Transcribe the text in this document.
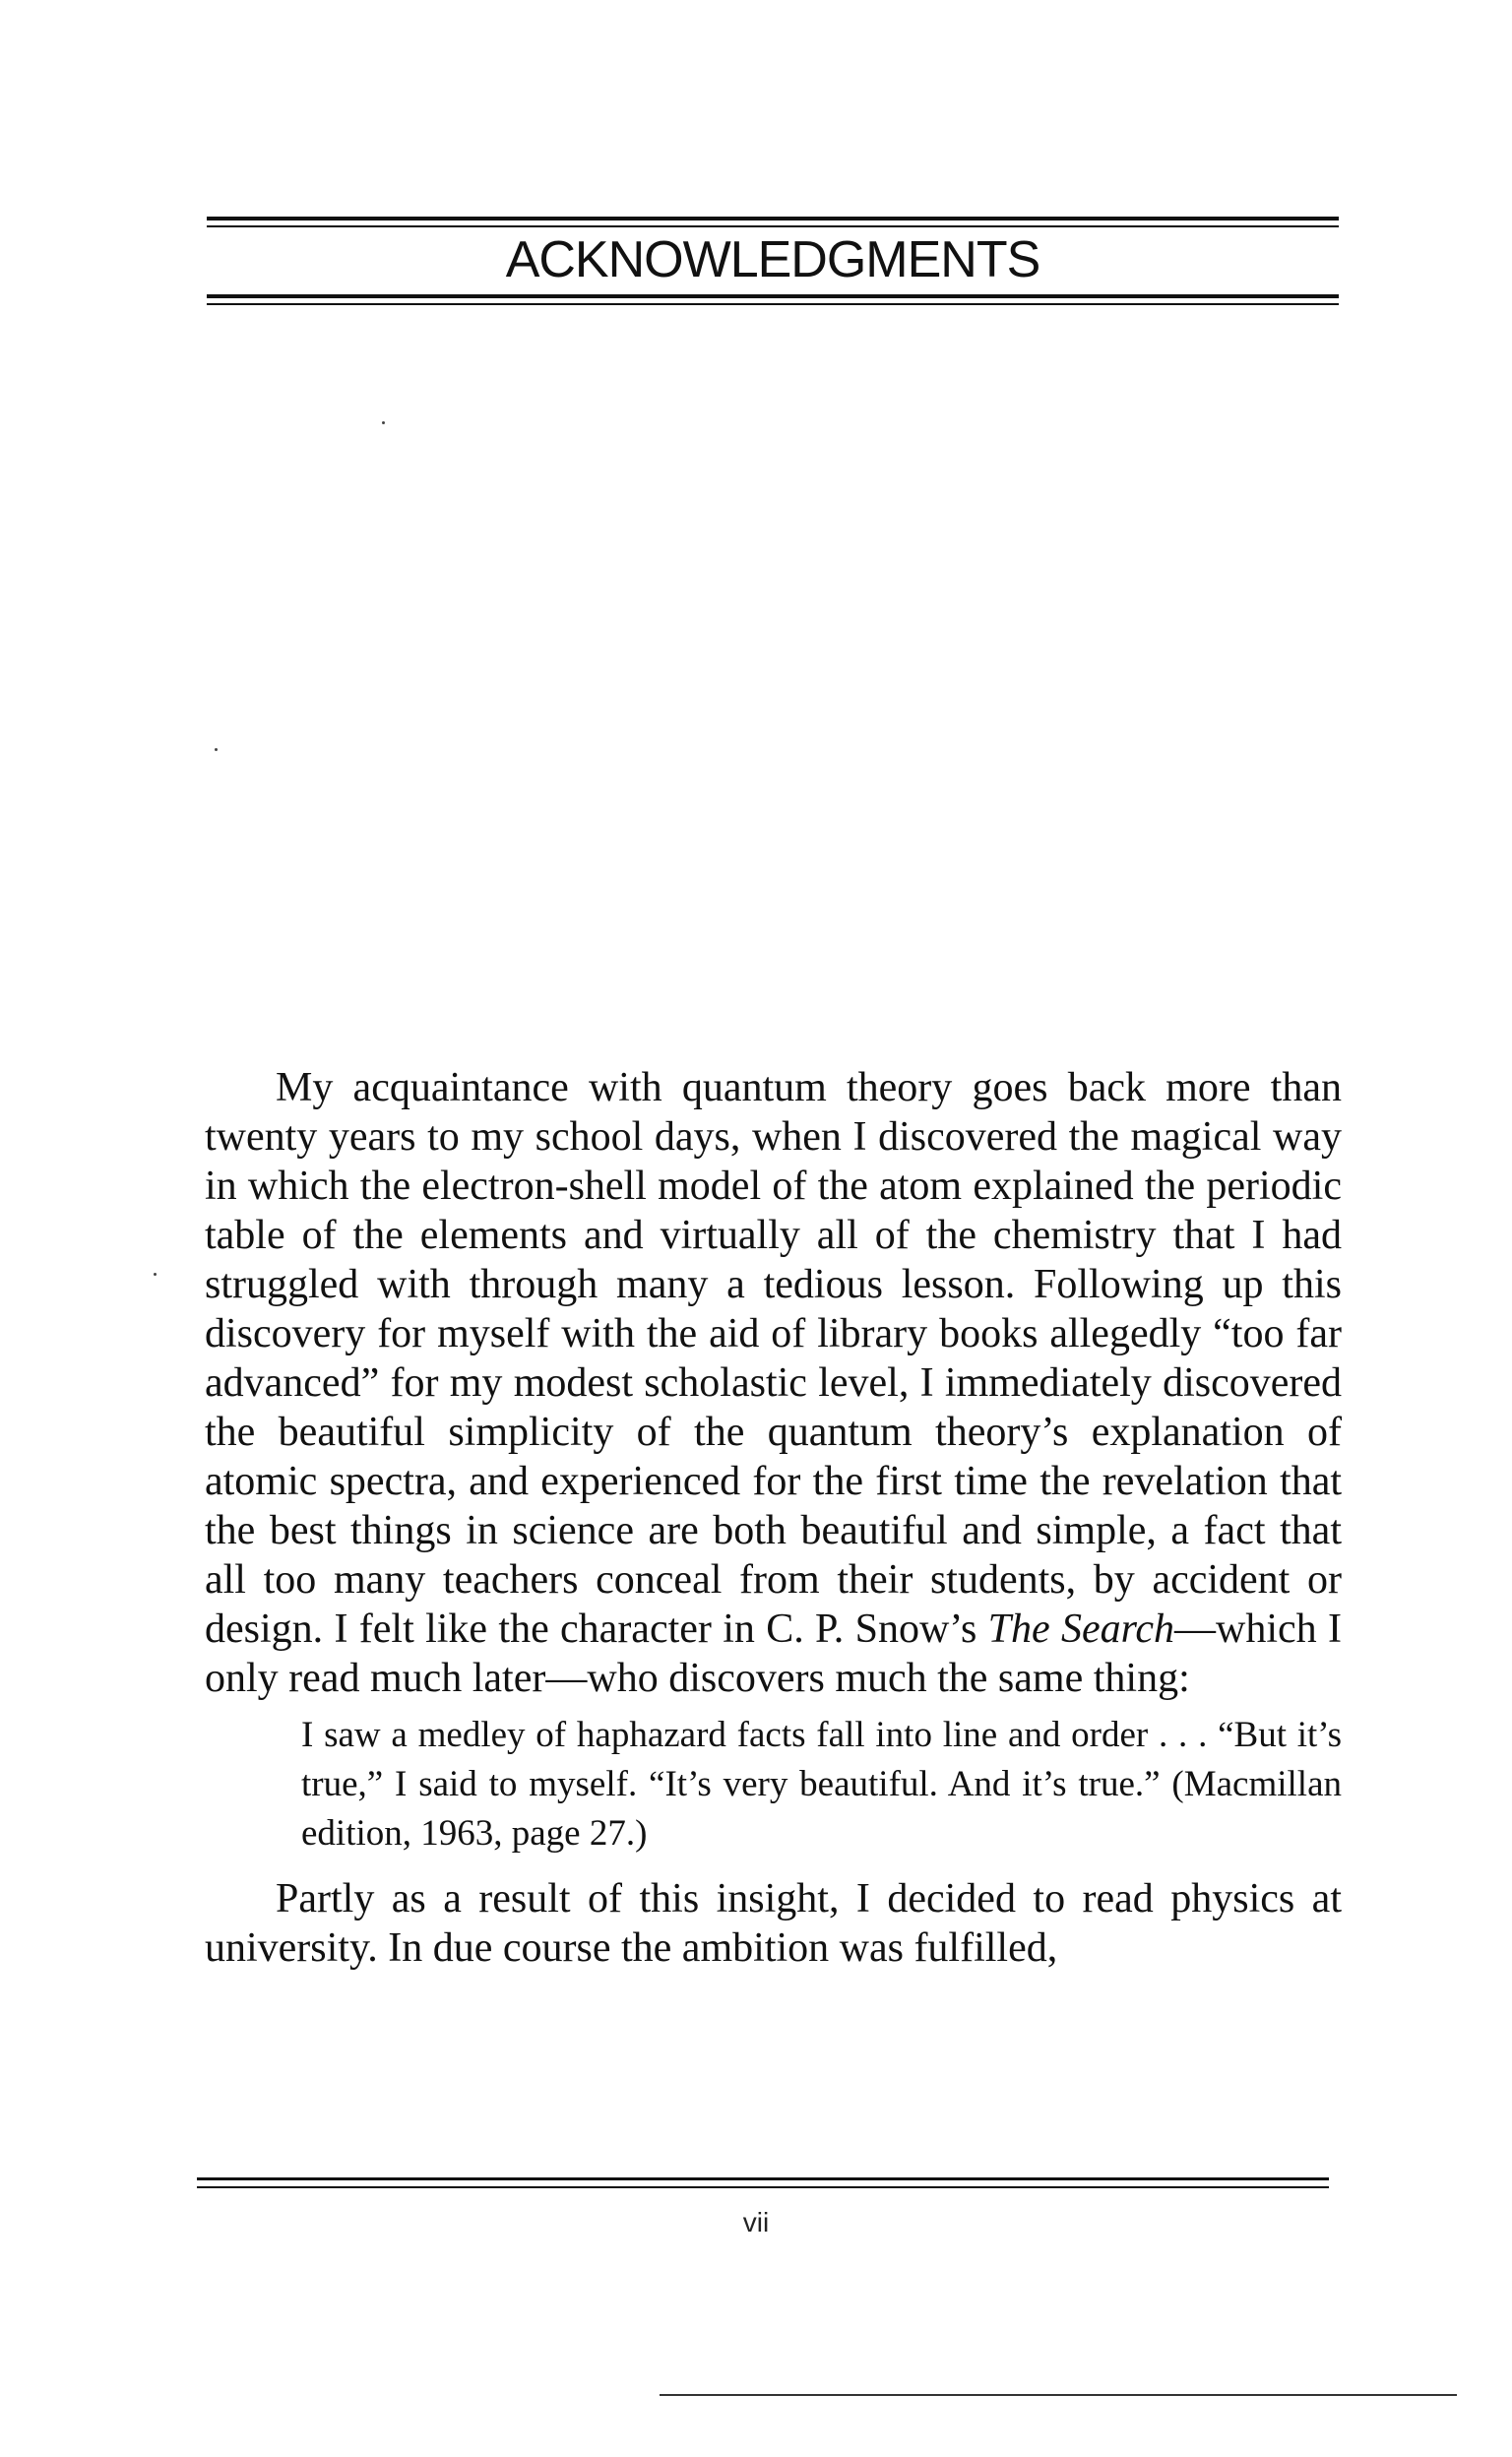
ACKNOWLEDGMENTS

My acquaintance with quantum theory goes back more than twenty years to my school days, when I discovered the magical way in which the electron-shell model of the atom explained the periodic table of the elements and virtually all of the chemistry that I had struggled with through many a tedious lesson. Following up this discovery for myself with the aid of library books allegedly “too far advanced” for my modest scholastic level, I immediately discovered the beautiful simplicity of the quantum theory’s explanation of atomic spectra, and experienced for the first time the revelation that the best things in science are both beautiful and simple, a fact that all too many teachers conceal from their students, by accident or design. I felt like the character in C. P. Snow’s The Search—which I only read much later—who discovers much the same thing:

I saw a medley of haphazard facts fall into line and order . . . “But it’s true,” I said to myself. “It’s very beautiful. And it’s true.” (Macmillan edition, 1963, page 27.)

Partly as a result of this insight, I decided to read physics at university. In due course the ambition was fulfilled,

vii
